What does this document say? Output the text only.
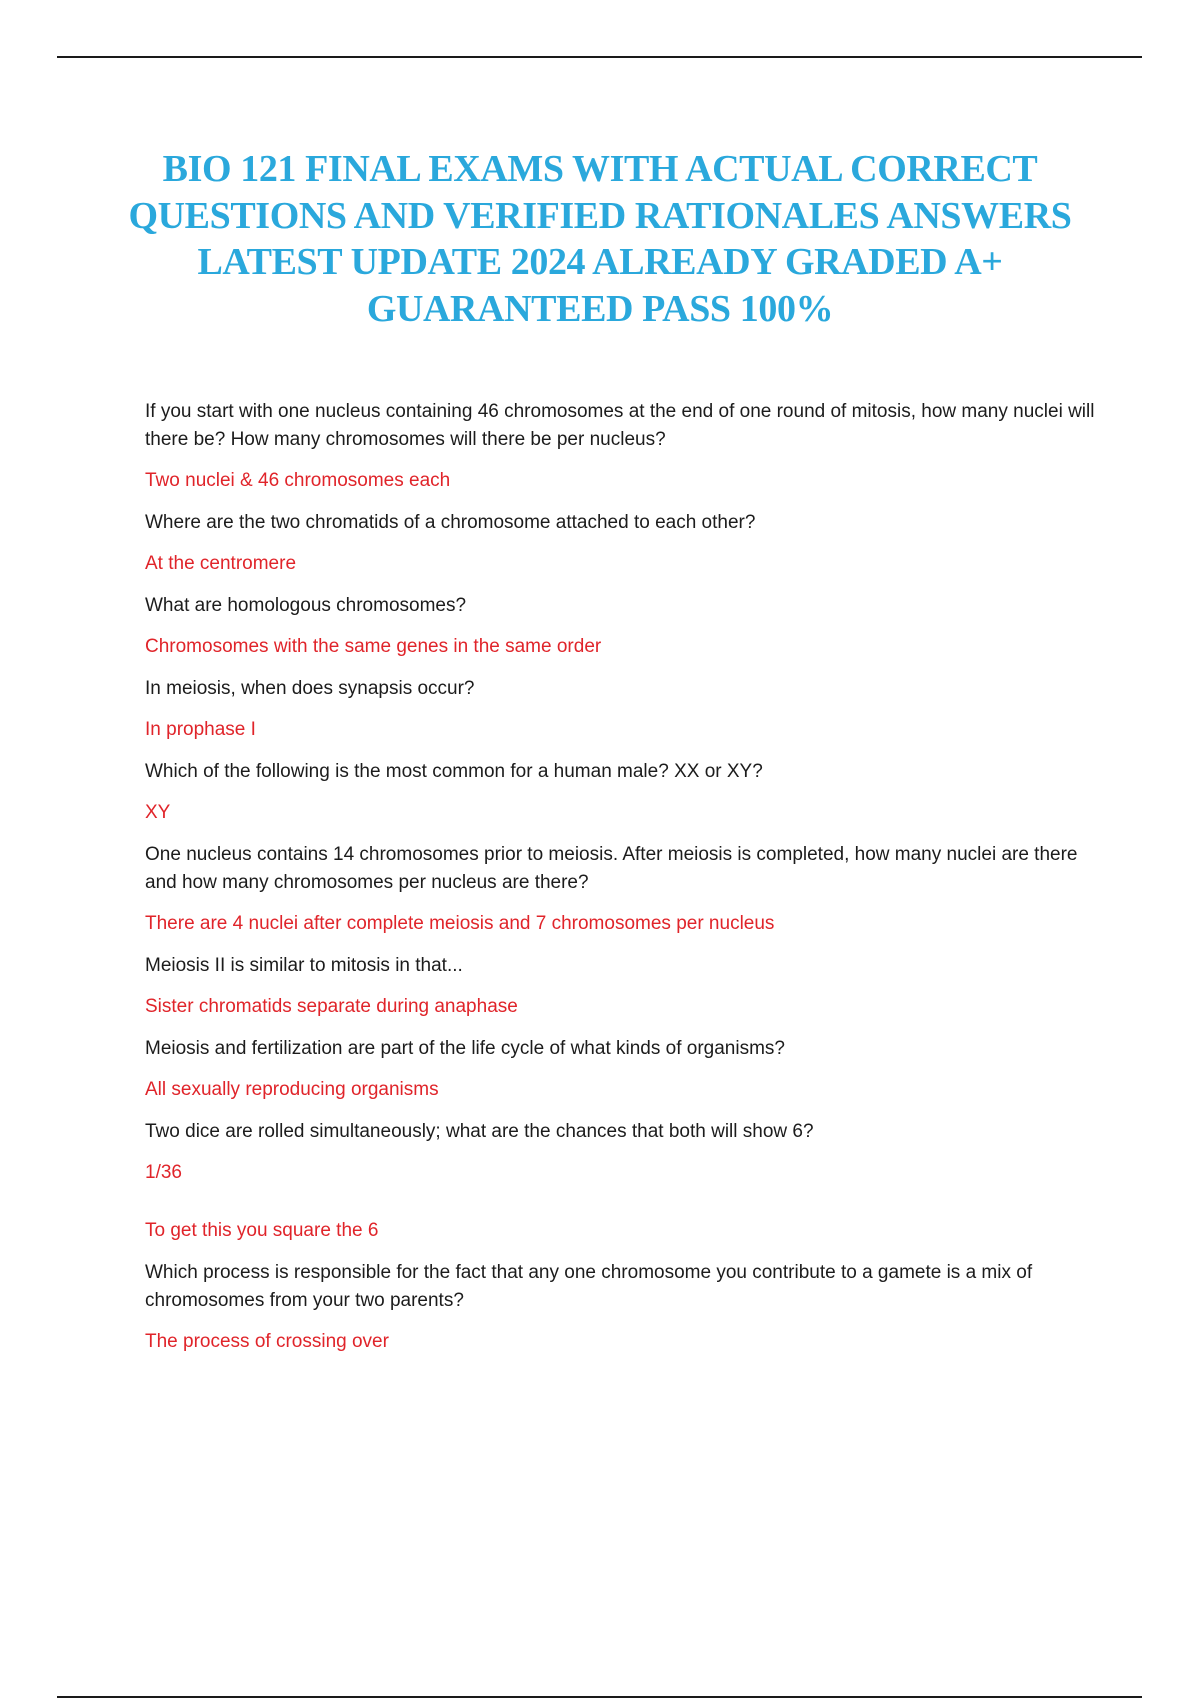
BIO 121 FINAL EXAMS WITH ACTUAL CORRECT QUESTIONS AND VERIFIED RATIONALES ANSWERS LATEST UPDATE 2024 ALREADY GRADED A+ GUARANTEED PASS 100%

If you start with one nucleus containing 46 chromosomes at the end of one round of mitosis, how many nuclei will there be? How many chromosomes will there be per nucleus?

Two nuclei & 46 chromosomes each

Where are the two chromatids of a chromosome attached to each other?

At the centromere

What are homologous chromosomes?

Chromosomes with the same genes in the same order

In meiosis, when does synapsis occur?

In prophase I

Which of the following is the most common for a human male? XX or XY?

XY

One nucleus contains 14 chromosomes prior to meiosis. After meiosis is completed, how many nuclei are there and how many chromosomes per nucleus are there?

There are 4 nuclei after complete meiosis and 7 chromosomes per nucleus

Meiosis II is similar to mitosis in that...

Sister chromatids separate during anaphase

Meiosis and fertilization are part of the life cycle of what kinds of organisms?

All sexually reproducing organisms

Two dice are rolled simultaneously; what are the chances that both will show 6?

1/36

To get this you square the 6

Which process is responsible for the fact that any one chromosome you contribute to a gamete is a mix of chromosomes from your two parents?

The process of crossing over
